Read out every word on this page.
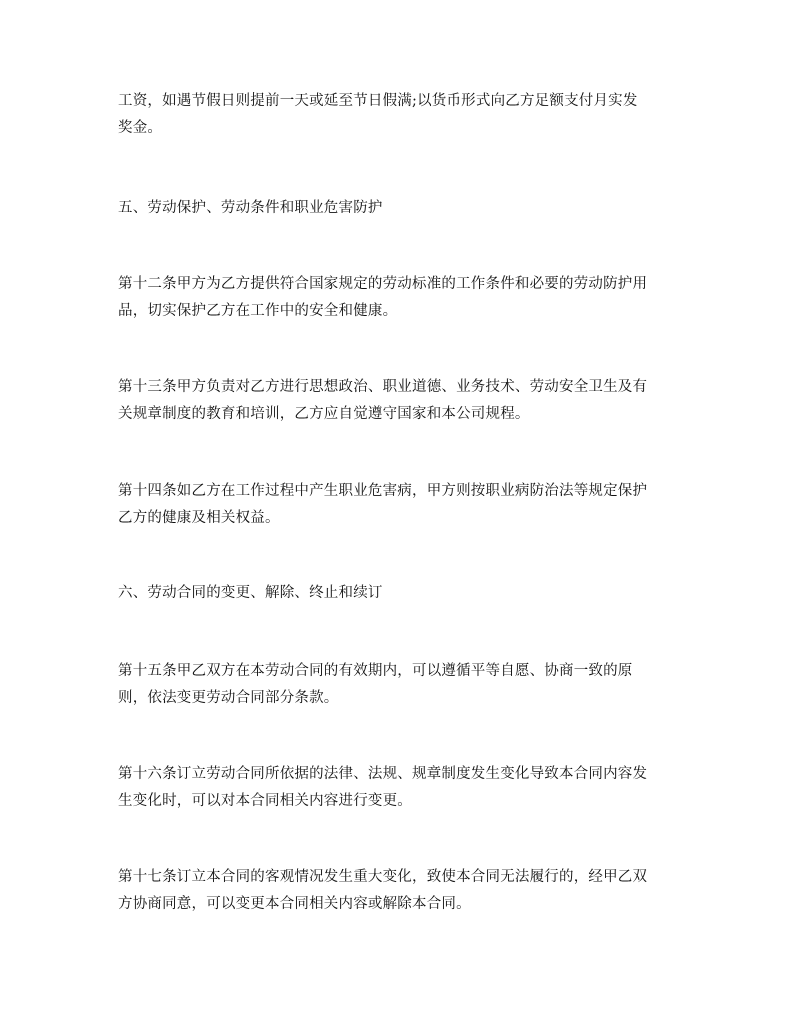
工资，如遇节假日则提前一天或延至节日假满;以货币形式向乙方足额支付月实发
奖金。

五、劳动保护、劳动条件和职业危害防护

第十二条甲方为乙方提供符合国家规定的劳动标准的工作条件和必要的劳动防护用
品，切实保护乙方在工作中的安全和健康。

第十三条甲方负责对乙方进行思想政治、职业道德、业务技术、劳动安全卫生及有
关规章制度的教育和培训，乙方应自觉遵守国家和本公司规程。

第十四条如乙方在工作过程中产生职业危害病，甲方则按职业病防治法等规定保护
乙方的健康及相关权益。

六、劳动合同的变更、解除、终止和续订

第十五条甲乙双方在本劳动合同的有效期内，可以遵循平等自愿、协商一致的原
则，依法变更劳动合同部分条款。

第十六条订立劳动合同所依据的法律、法规、规章制度发生变化导致本合同内容发
生变化时，可以对本合同相关内容进行变更。

第十七条订立本合同的客观情况发生重大变化，致使本合同无法履行的，经甲乙双
方协商同意，可以变更本合同相关内容或解除本合同。
